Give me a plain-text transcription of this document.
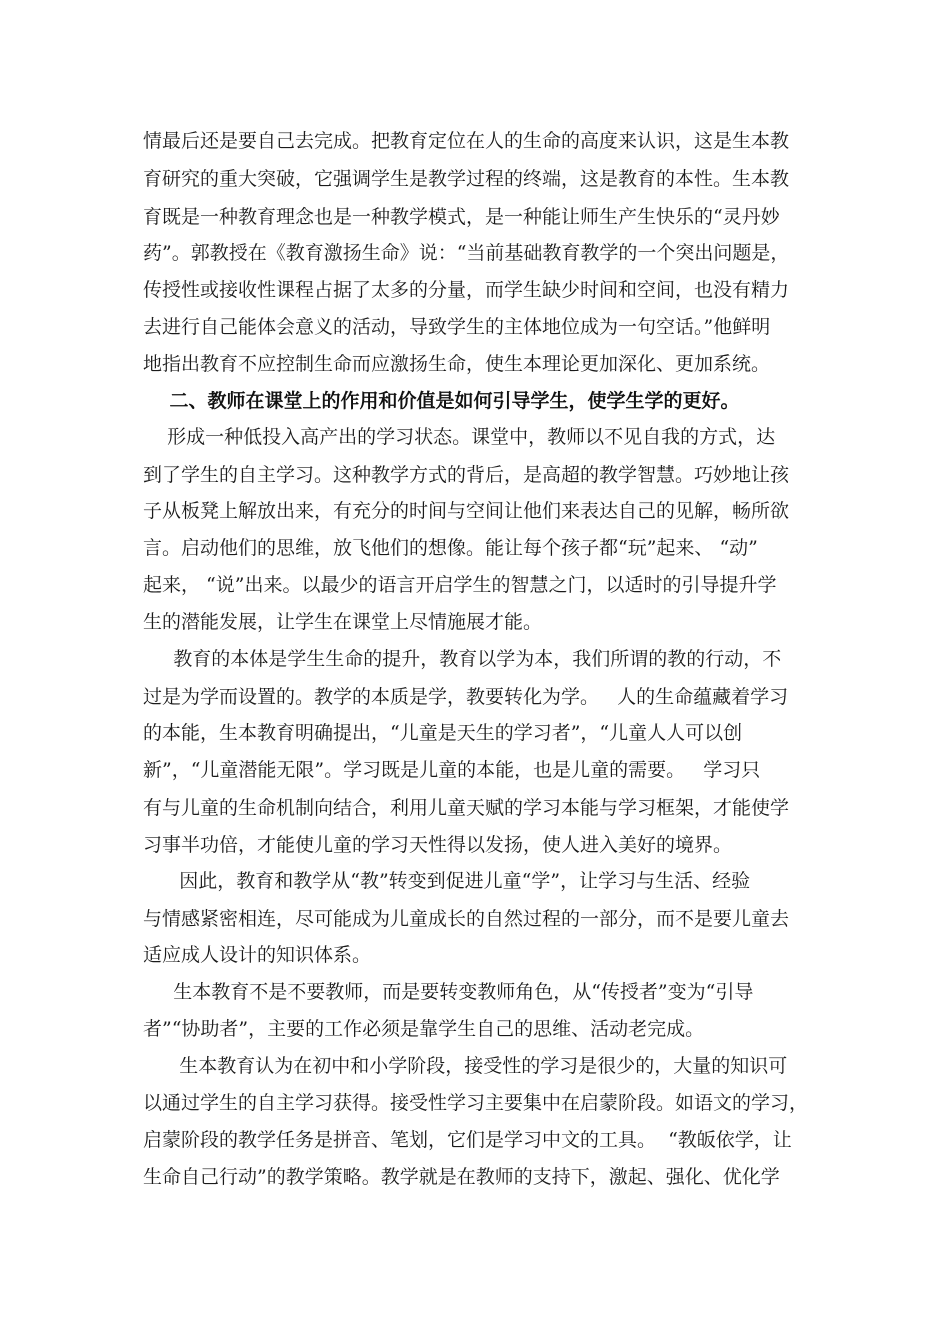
情最后还是要自己去完成。把教育定位在人的生命的高度来认识，这是生本教
育研究的重大突破，它强调学生是教学过程的终端，这是教育的本性。生本教
育既是一种教育理念也是一种教学模式，是一种能让师生产生快乐的“灵丹妙
药”。郭教授在《教育激扬生命》说：“当前基础教育教学的一个突出问题是，
传授性或接收性课程占据了太多的分量，而学生缺少时间和空间，也没有精力
去进行自己能体会意义的活动，导致学生的主体地位成为一句空话。”他鲜明
地指出教育不应控制生命而应激扬生命，使生本理论更加深化、更加系统。
二、教师在课堂上的作用和价值是如何引导学生，使学生学的更好。
形成一种低投入高产出的学习状态。课堂中，教师以不见自我的方式，达
到了学生的自主学习。这种教学方式的背后，是高超的教学智慧。巧妙地让孩
子从板凳上解放出来，有充分的时间与空间让他们来表达自己的见解，畅所欲
言。启动他们的思维，放飞他们的想像。能让每个孩子都“玩”起来、 “动”
起来， “说”出来。以最少的语言开启学生的智慧之门，以适时的引导提升学
生的潜能发展，让学生在课堂上尽情施展才能。
教育的本体是学生生命的提升，教育以学为本，我们所谓的教的行动，不
过是为学而设置的。教学的本质是学，教要转化为学。   人的生命蕴藏着学习
的本能，生本教育明确提出，“儿童是天生的学习者”，“儿童人人可以创
新”，“儿童潜能无限”。学习既是儿童的本能，也是儿童的需要。   学习只
有与儿童的生命机制向结合，利用儿童天赋的学习本能与学习框架，才能使学
习事半功倍，才能使儿童的学习天性得以发扬，使人进入美好的境界。
因此，教育和教学从“教”转变到促进儿童“学”，让学习与生活、经验
与情感紧密相连，尽可能成为儿童成长的自然过程的一部分，而不是要儿童去
适应成人设计的知识体系。
生本教育不是不要教师，而是要转变教师角色，从“传授者”变为“引导
者”“协助者”，主要的工作必须是靠学生自己的思维、活动老完成。
生本教育认为在初中和小学阶段，接受性的学习是很少的，大量的知识可
以通过学生的自主学习获得。接受性学习主要集中在启蒙阶段。如语文的学习，
启蒙阶段的教学任务是拼音、笔划，它们是学习中文的工具。  “教皈依学，让
生命自己行动”的教学策略。教学就是在教师的支持下，激起、强化、优化学
